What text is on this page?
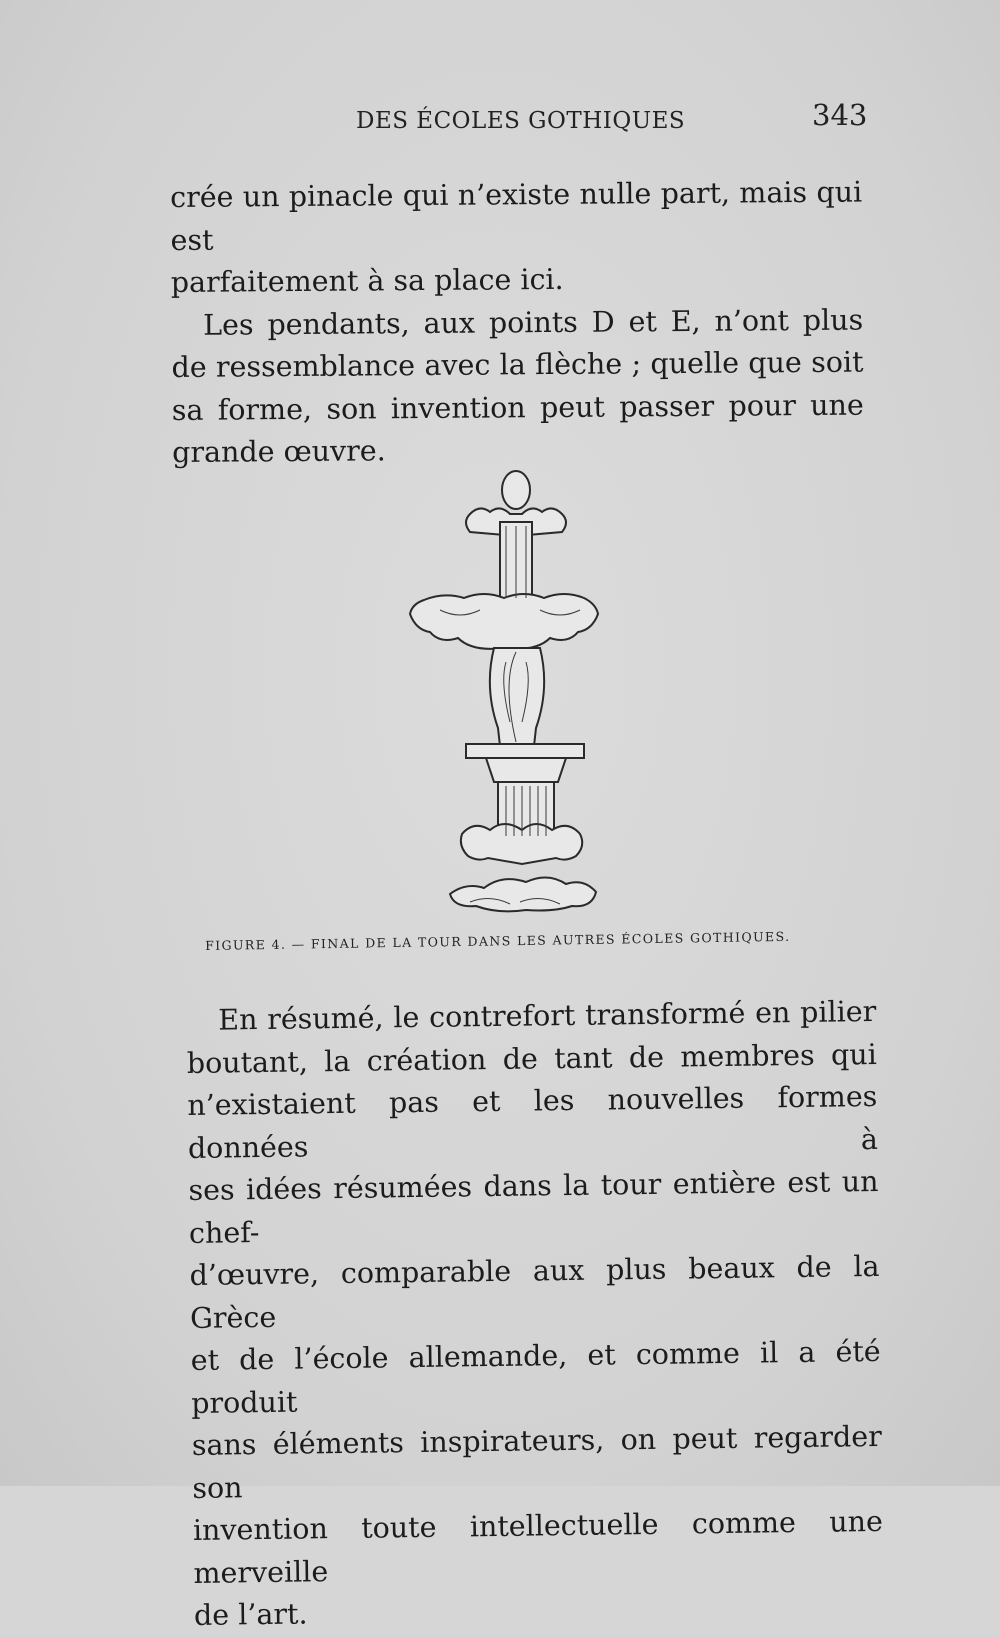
DES ÉCOLES GOTHIQUES	343
crée un pinacle qui n’existe nulle part, mais qui est
parfaitement à sa place ici.
Les pendants, aux points D et E, n’ont plus
de ressemblance avec la flèche ; quelle que soit
sa forme, son invention peut passer pour une
grande œuvre.
FIGURE 4. — FINAL DE LA TOUR DANS LES AUTRES ÉCOLES GOTHIQUES.
En résumé, le contrefort transformé en pilier
boutant, la création de tant de membres qui
n’existaient pas et les nouvelles formes données à
ses idées résumées dans la tour entière est un chef-
d’œuvre, comparable aux plus beaux de la Grèce
et de l’école allemande, et comme il a été produit
sans éléments inspirateurs, on peut regarder son
invention toute intellectuelle comme une merveille
de l’art.
